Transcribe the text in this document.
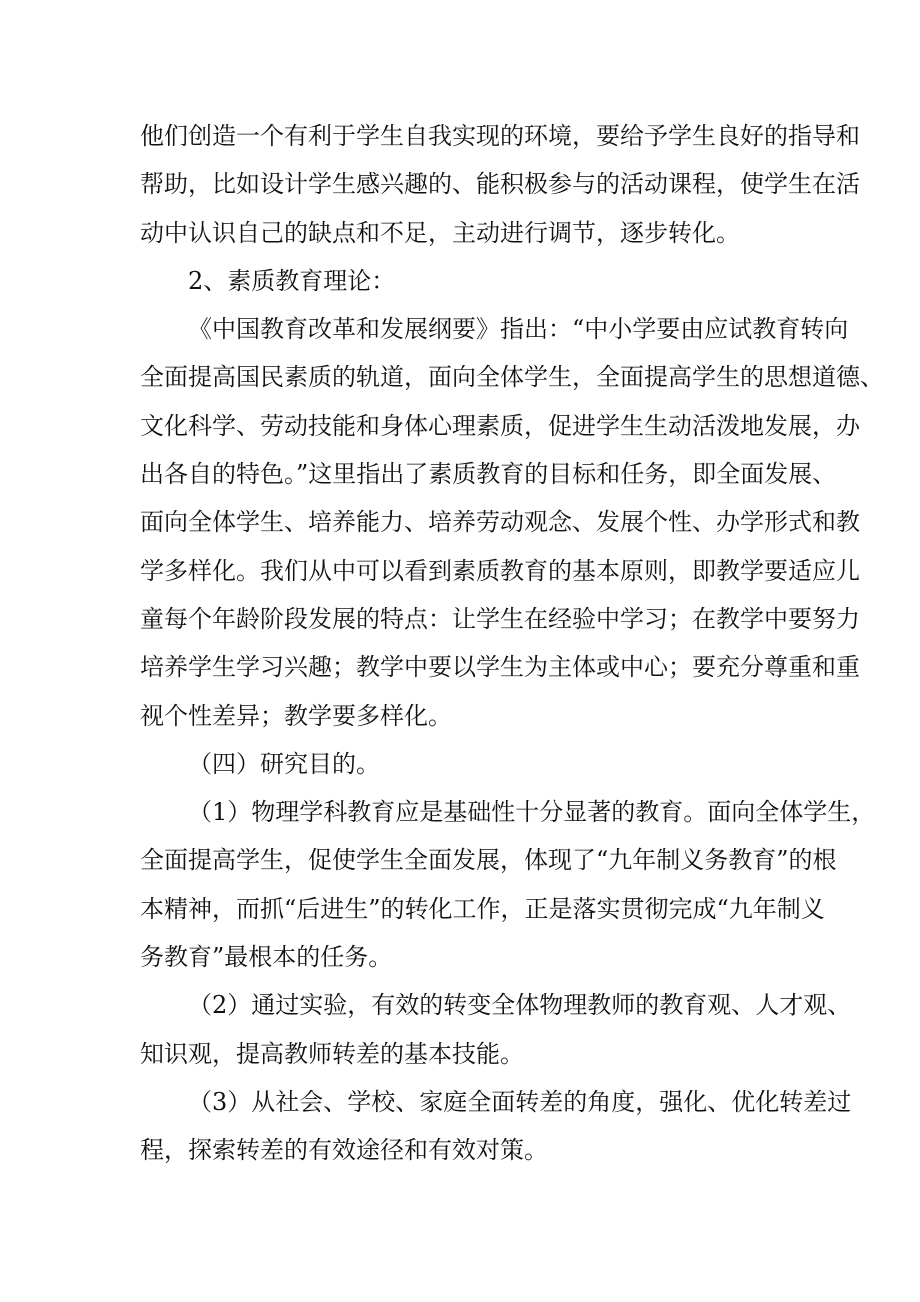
他们创造一个有利于学生自我实现的环境，要给予学生良好的指导和
帮助，比如设计学生感兴趣的、能积极参与的活动课程，使学生在活
动中认识自己的缺点和不足，主动进行调节，逐步转化。
2、素质教育理论：
《中国教育改革和发展纲要》指出：“中小学要由应试教育转向
全面提高国民素质的轨道，面向全体学生，全面提高学生的思想道德、
文化科学、劳动技能和身体心理素质，促进学生生动活泼地发展，办
出各自的特色。”这里指出了素质教育的目标和任务，即全面发展、
面向全体学生、培养能力、培养劳动观念、发展个性、办学形式和教
学多样化。我们从中可以看到素质教育的基本原则，即教学要适应儿
童每个年龄阶段发展的特点：让学生在经验中学习；在教学中要努力
培养学生学习兴趣；教学中要以学生为主体或中心；要充分尊重和重
视个性差异；教学要多样化。
（四）研究目的。
（1）物理学科教育应是基础性十分显著的教育。面向全体学生，
全面提高学生，促使学生全面发展，体现了“九年制义务教育”的根
本精神，而抓“后进生”的转化工作，正是落实贯彻完成“九年制义
务教育”最根本的任务。
（2）通过实验，有效的转变全体物理教师的教育观、人才观、
知识观，提高教师转差的基本技能。
（3）从社会、学校、家庭全面转差的角度，强化、优化转差过
程，探索转差的有效途径和有效对策。
